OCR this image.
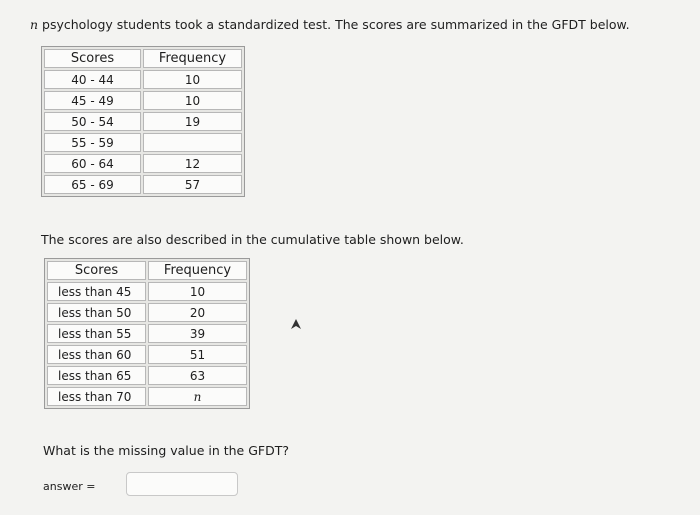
n psychology students took a standardized test. The scores are summarized in the GFDT below.
Scores	Frequency
40 - 44	10
45 - 49	10
50 - 54	19
55 - 59	
60 - 64	12
65 - 69	57
The scores are also described in the cumulative table shown below.
Scores	Frequency
less than 45	10
less than 50	20
less than 55	39
less than 60	51
less than 65	63
less than 70	n
What is the missing value in the GFDT?
answer =
